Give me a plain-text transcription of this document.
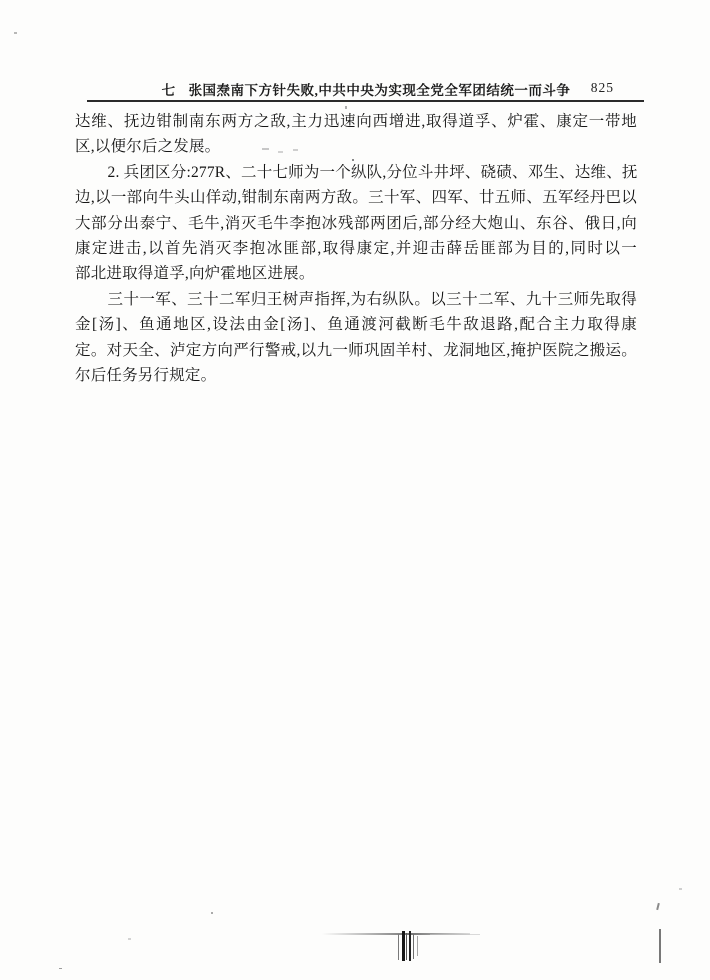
七 张国焘南下方针失败,中共中央为实现全党全军团结统一而斗争	825
达维、抚边钳制南东两方之敌,主力迅速向西增进,取得道孚、炉霍、康定一带地
区,以便尔后之发展。
2. 兵团区分:277R、二十七师为一个纵队,分位斗井坪、硗碛、邓生、达维、抚
边,以一部向牛头山佯动,钳制东南两方敌。三十军、四军、廿五师、五军经丹巴以
大部分出泰宁、毛牛,消灭毛牛李抱冰残部两团后,部分经大炮山、东谷、俄日,向
康定进击,以首先消灭李抱冰匪部,取得康定,并迎击薛岳匪部为目的,同时以一
部北进取得道孚,向炉霍地区进展。
三十一军、三十二军归王树声指挥,为右纵队。以三十二军、九十三师先取得
金[汤]、鱼通地区,设法由金[汤]、鱼通渡河截断毛牛敌退路,配合主力取得康
定。对天全、泸定方向严行警戒,以九一师巩固羊村、龙洞地区,掩护医院之搬运。
尔后任务另行规定。
